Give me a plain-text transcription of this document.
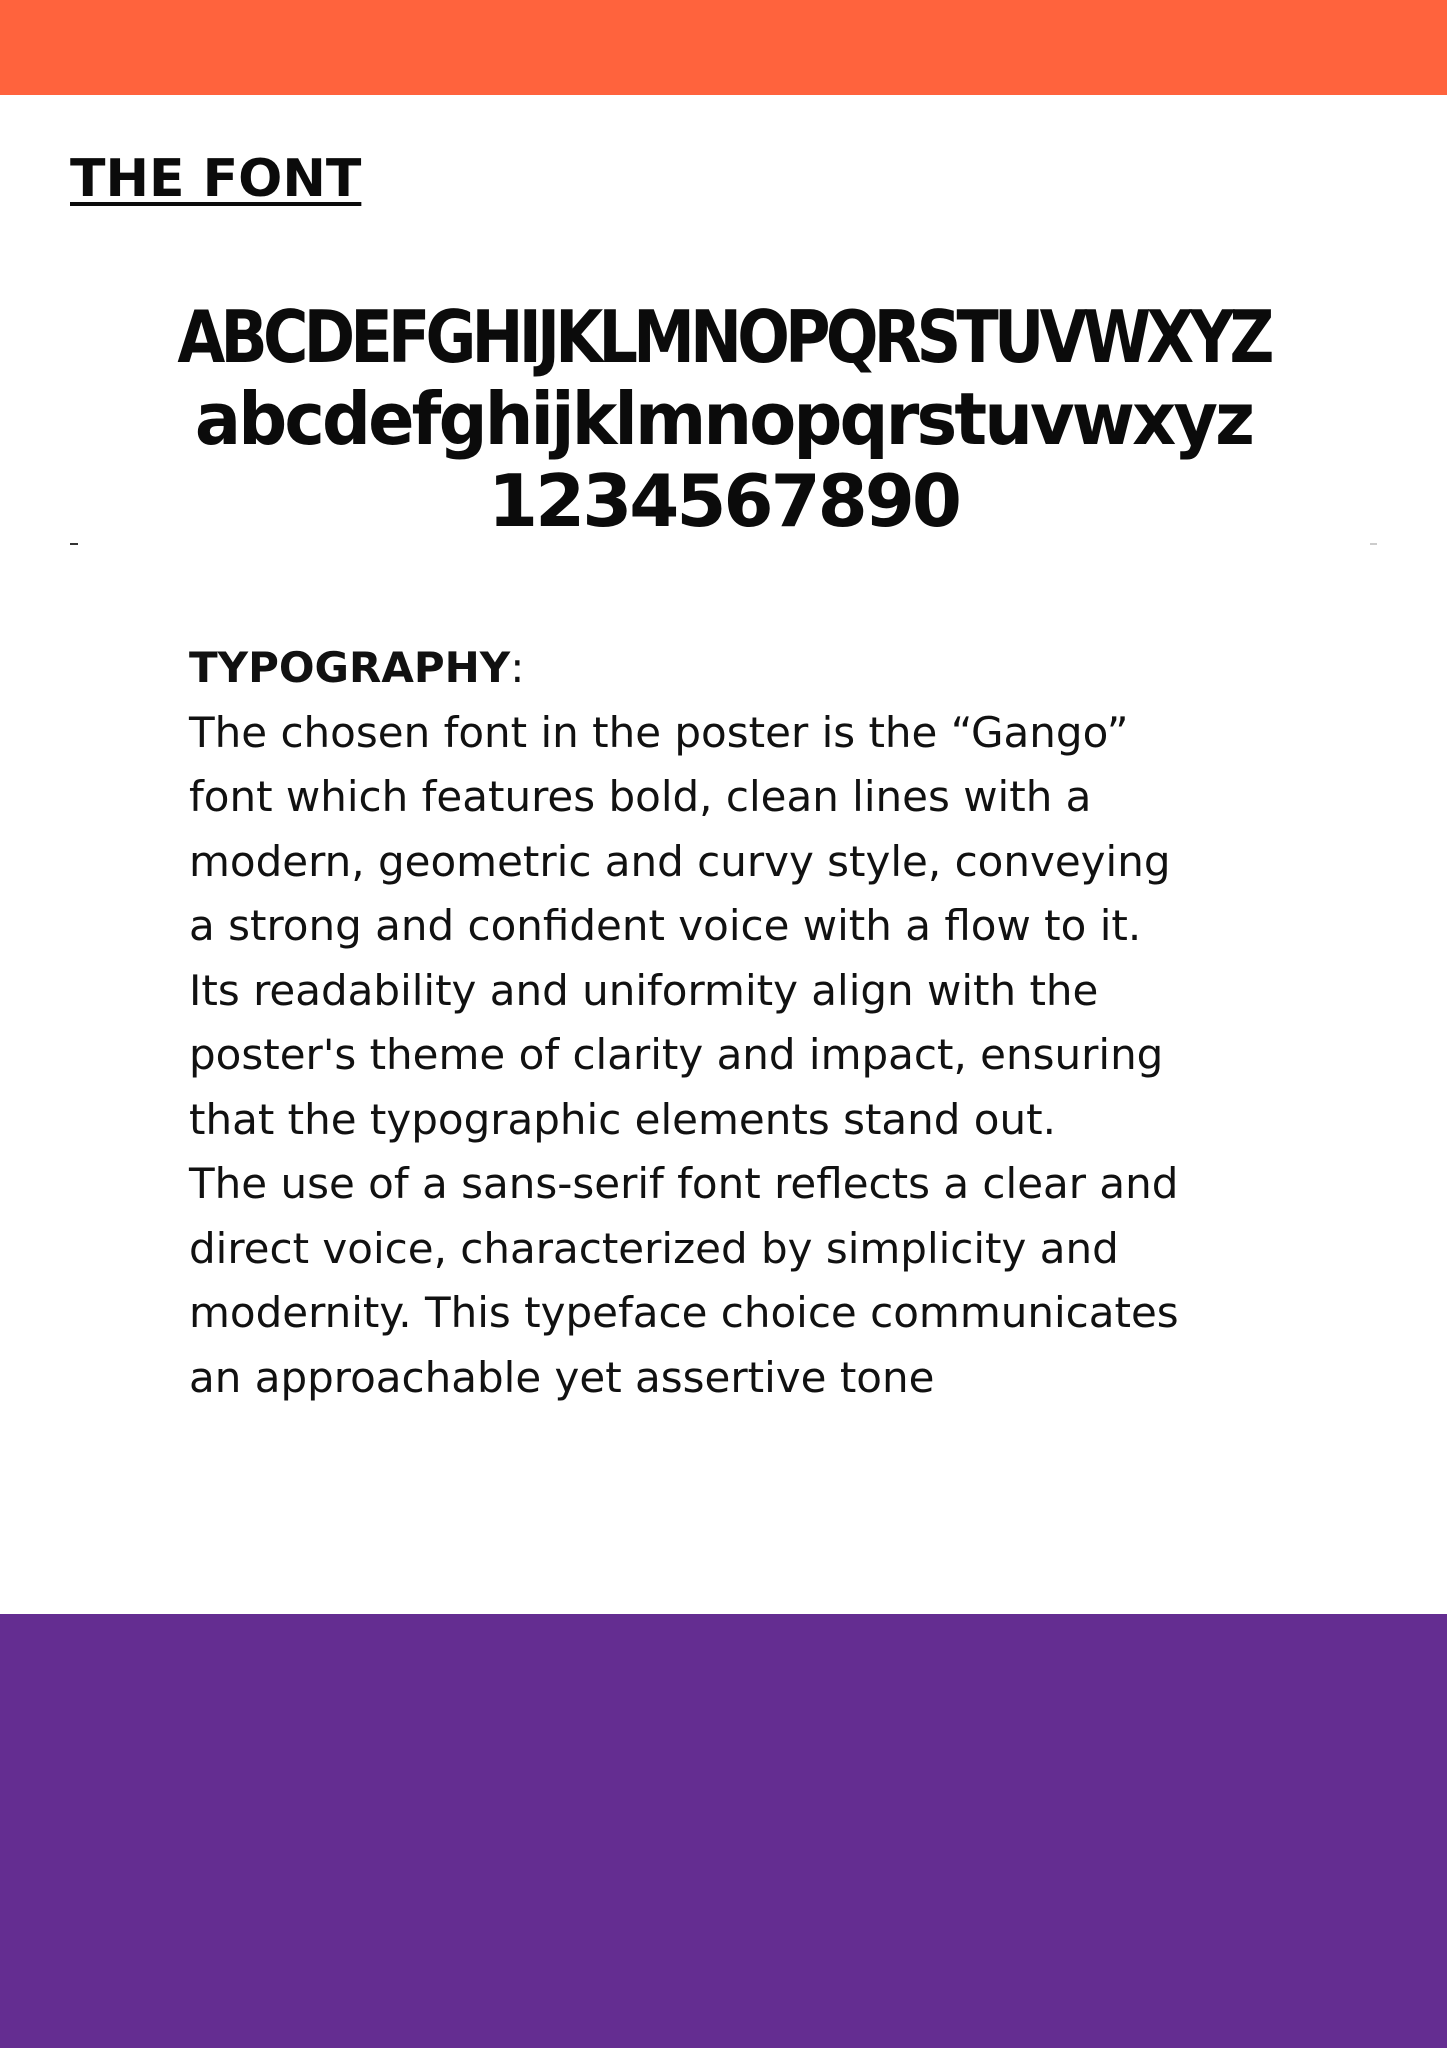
THE FONT
ABCDEFGHIJKLMNOPQRSTUVWXYZ
abcdefghijklmnopqrstuvwxyz
1234567890
TYPOGRAPHY:
The chosen font in the poster is the “Gango”
font which features bold, clean lines with a
modern, geometric and curvy style, conveying
a strong and confident voice with a flow to it.
Its readability and uniformity align with the
poster's theme of clarity and impact, ensuring
that the typographic elements stand out.
The use of a sans-serif font reflects a clear and
direct voice, characterized by simplicity and
modernity. This typeface choice communicates
an approachable yet assertive tone
